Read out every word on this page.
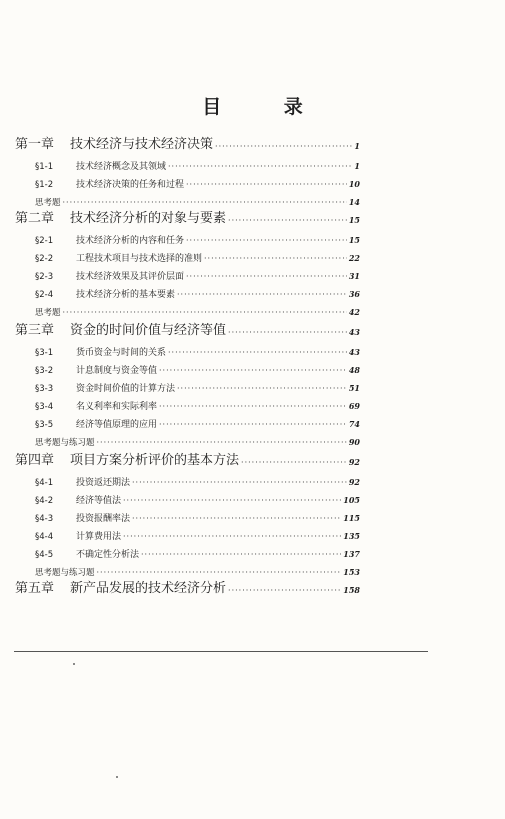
目 录
第一章 技术经济与技术经济决策 ·····	1
§1-1	技术经济概念及其领域 ·····	1
§1-2	技术经济决策的任务和过程 ·····	10
思考题 ·····	14
第二章 技术经济分析的对象与要素 ·····	15
§2-1	技术经济分析的内容和任务 ·····	15
§2-2	工程技术项目与技术选择的准则 ·····	22
§2-3	技术经济效果及其评价层面 ·····	31
§2-4	技术经济分析的基本要素 ·····	36
思考题 ·····	42
第三章 资金的时间价值与经济等值 ·····	43
§3-1	货币资金与时间的关系 ·····	43
§3-2	计息制度与资金等值 ·····	48
§3-3	资金时间价值的计算方法 ·····	51
§3-4	名义利率和实际利率 ·····	69
§3-5	经济等值原理的应用 ·····	74
思考题与练习题 ·····	90
第四章 项目方案分析评价的基本方法 ·····	92
§4-1	投资返还期法 ·····	92
§4-2	经济等值法 ·····	105
§4-3	投资报酬率法 ·····	115
§4-4	计算费用法 ·····	135
§4-5	不确定性分析法 ·····	137
思考题与练习题 ·····	153
第五章 新产品发展的技术经济分析 ·····	158
